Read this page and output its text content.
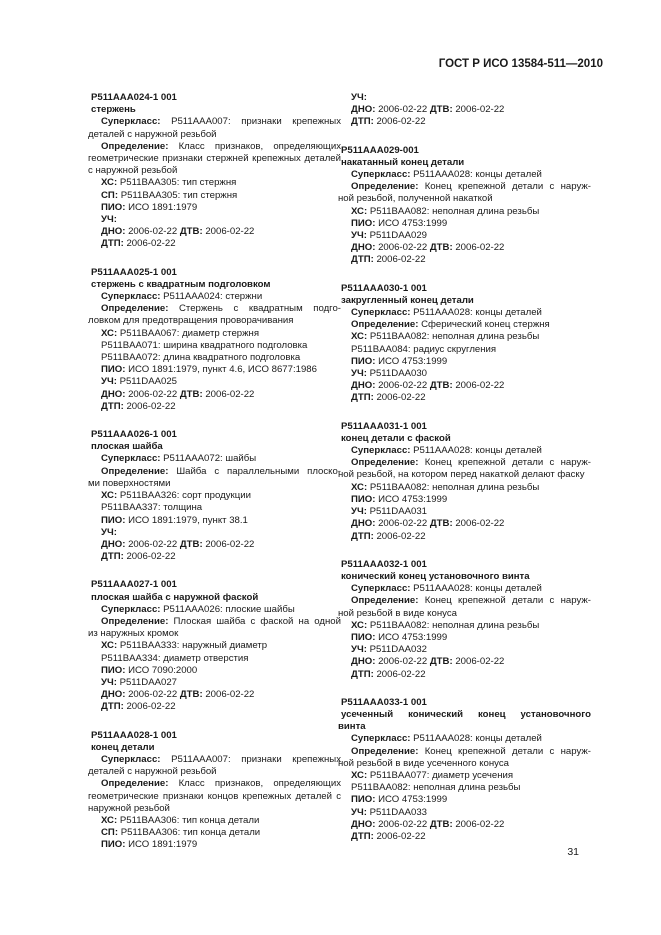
ГОСТ Р ИСО 13584-511—2010
P511AAA024-1 001
стержень
Суперкласс: P511AAA007: признаки крепежных
деталей с наружной резьбой
Определение: Класс признаков, определяющих
геометрические признаки стержней крепежных деталей
с наружной резьбой
ХС: P511BAA305: тип стержня
СП: P511BAA305: тип стержня
ПИО: ИСО 1891:1979
УЧ:
ДНО: 2006-02-22 ДТВ: 2006-02-22
ДТП: 2006-02-22
P511AAA025-1 001
стержень с квадратным подголовком
Суперкласс: P511AAA024: стержни
Определение: Стержень с квадратным подго-
ловком для предотвращения проворачивания
ХС: P511BAA067: диаметр стержня
P511BAA071: ширина квадратного подголовка
P511BAA072: длина квадратного подголовка
ПИО: ИСО 1891:1979, пункт 4.6, ИСО 8677:1986
УЧ: P511DAA025
ДНО: 2006-02-22 ДТВ: 2006-02-22
ДТП: 2006-02-22
P511AAA026-1 001
плоская шайба
Суперкласс: P511AAA072: шайбы
Определение: Шайба с параллельными плоско-
ми поверхностями
ХС: P511BAA326: сорт продукции
P511BAA337: толщина
ПИО: ИСО 1891:1979, пункт 38.1
УЧ:
ДНО: 2006-02-22 ДТВ: 2006-02-22
ДТП: 2006-02-22
P511AAA027-1 001
плоская шайба с наружной фаской
Суперкласс: P511AAA026: плоские шайбы
Определение: Плоская шайба с фаской на одной
из наружных кромок
ХС: P511BAA333: наружный диаметр
P511BAA334: диаметр отверстия
ПИО: ИСО 7090:2000
УЧ: P511DAA027
ДНО: 2006-02-22 ДТВ: 2006-02-22
ДТП: 2006-02-22
P511AAA028-1 001
конец детали
Суперкласс: P511AAA007: признаки крепежных
деталей с наружной резьбой
Определение: Класс признаков, определяющих
геометрические признаки концов крепежных деталей с
наружной резьбой
ХС: P511BAA306: тип конца детали
СП: P511BAA306: тип конца детали
ПИО: ИСО 1891:1979
УЧ:
ДНО: 2006-02-22 ДТВ: 2006-02-22
ДТП: 2006-02-22
P511AAA029-001
накатанный конец детали
Суперкласс: P511AAA028: концы деталей
Определение: Конец крепежной детали с наруж-
ной резьбой, полученной накаткой
ХС: P511BAA082: неполная длина резьбы
ПИО: ИСО 4753:1999
УЧ: P511DAA029
ДНО: 2006-02-22 ДТВ: 2006-02-22
ДТП: 2006-02-22
P511AAA030-1 001
закругленный конец детали
Суперкласс: P511AAA028: концы деталей
Определение: Сферический конец стержня
ХС: P511BAA082: неполная длина резьбы
P511BAA084: радиус скругления
ПИО: ИСО 4753:1999
УЧ: P511DAA030
ДНО: 2006-02-22 ДТВ: 2006-02-22
ДТП: 2006-02-22
P511AAA031-1 001
конец детали с фаской
Суперкласс: P511AAA028: концы деталей
Определение: Конец крепежной детали с наруж-
ной резьбой, на котором перед накаткой делают фаску
ХС: P511BAA082: неполная длина резьбы
ПИО: ИСО 4753:1999
УЧ: P511DAA031
ДНО: 2006-02-22 ДТВ: 2006-02-22
ДТП: 2006-02-22
P511AAA032-1 001
конический конец установочного винта
Суперкласс: P511AAA028: концы деталей
Определение: Конец крепежной детали с наруж-
ной резьбой в виде конуса
ХС: P511BAA082: неполная длина резьбы
ПИО: ИСО 4753:1999
УЧ: P511DAA032
ДНО: 2006-02-22 ДТВ: 2006-02-22
ДТП: 2006-02-22
P511AAA033-1 001
усеченный конический конец установочного
винта
Суперкласс: P511AAA028: концы деталей
Определение: Конец крепежной детали с наруж-
ной резьбой в виде усеченного конуса
ХС: P511BAA077: диаметр усечения
P511BAA082: неполная длина резьбы
ПИО: ИСО 4753:1999
УЧ: P511DAA033
ДНО: 2006-02-22 ДТВ: 2006-02-22
ДТП: 2006-02-22
31
